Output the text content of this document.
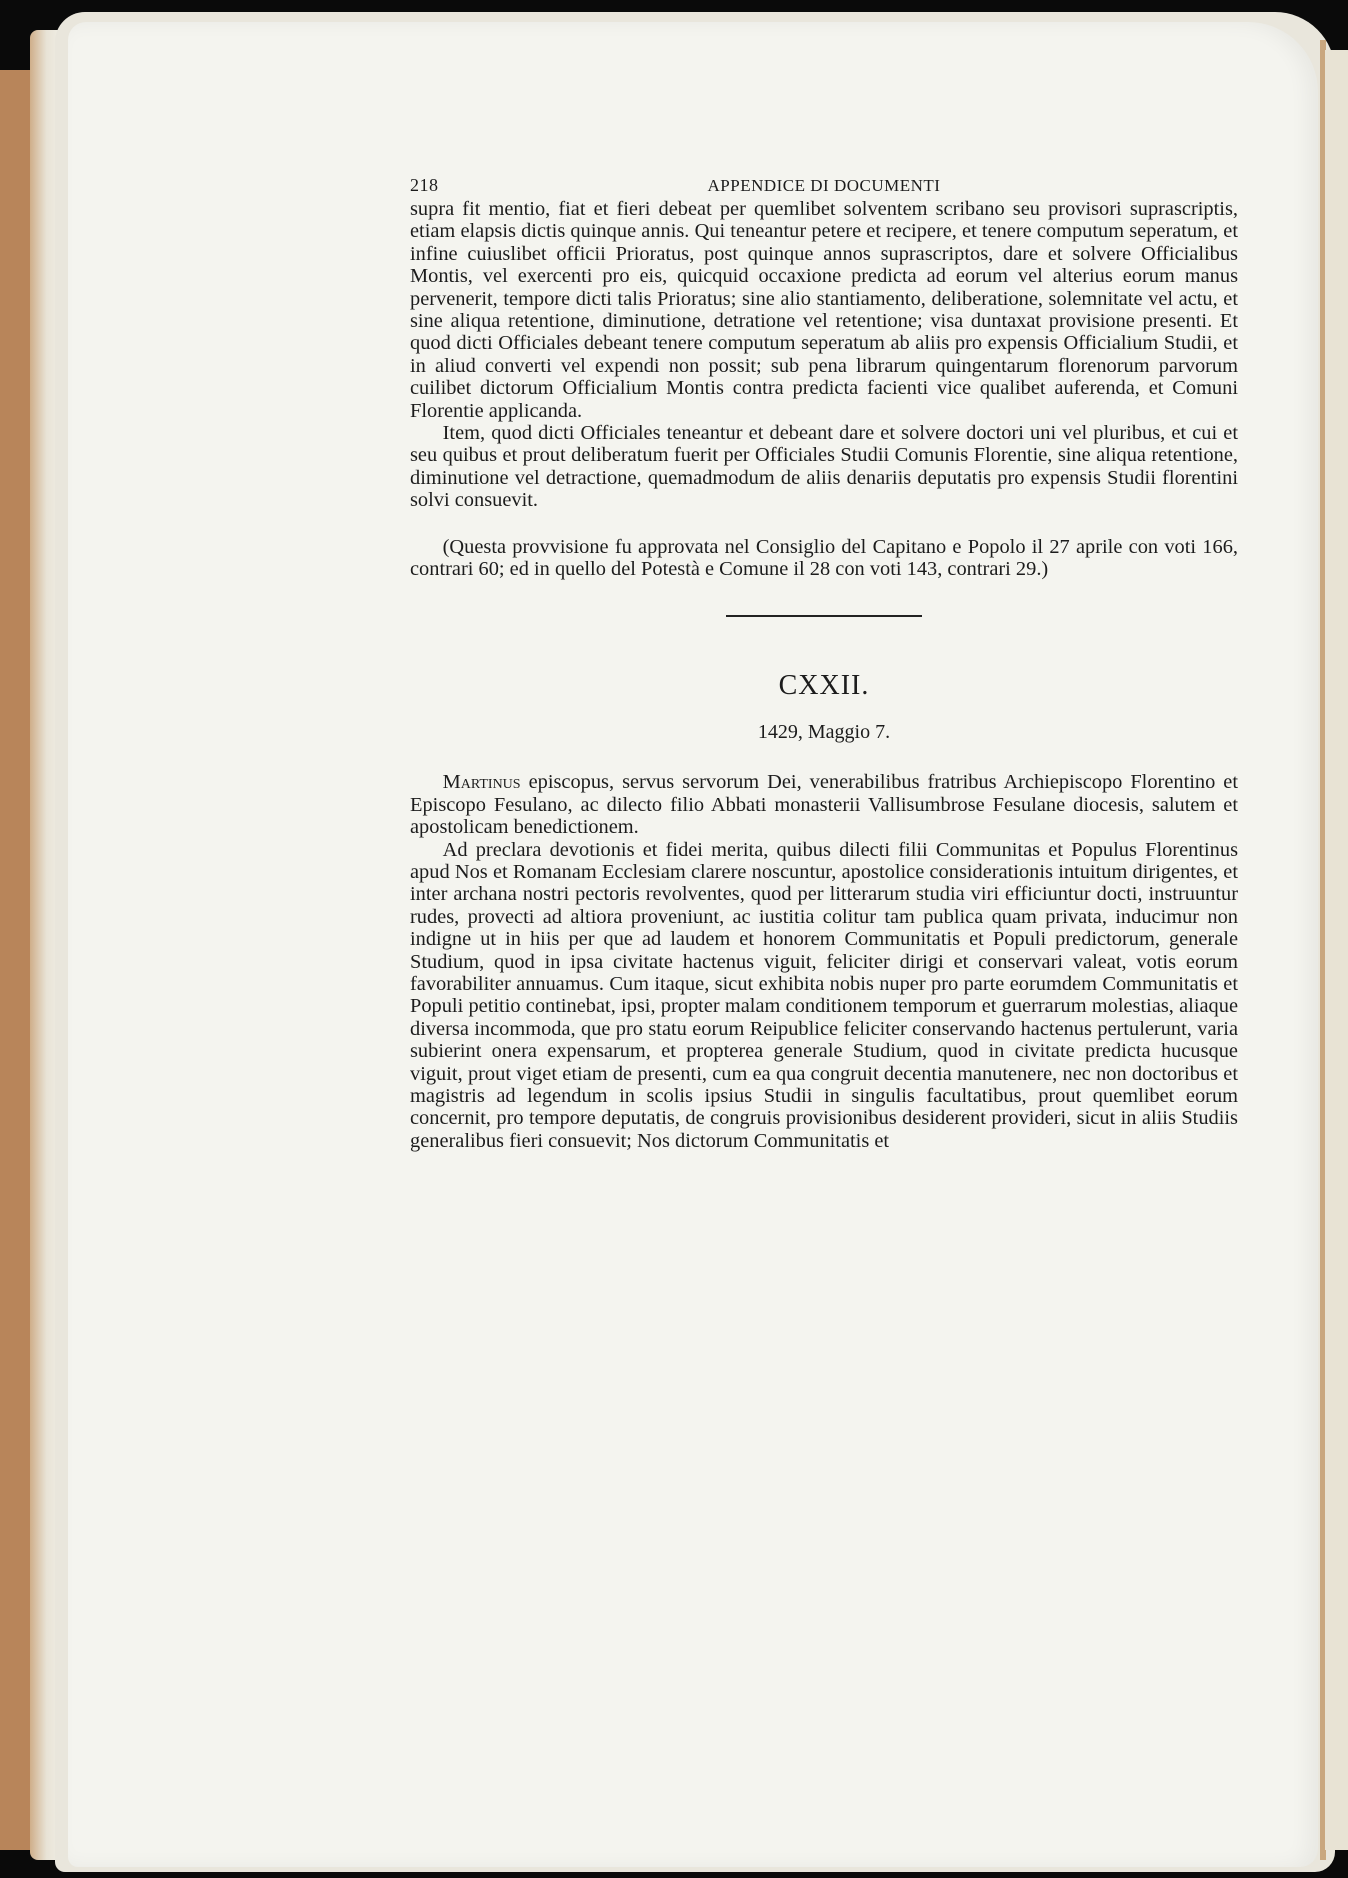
218	APPENDICE DI DOCUMENTI

supra fit mentio, fiat et fieri debeat per quemlibet solventem scribano seu provisori suprascriptis, etiam elapsis dictis quinque annis. Qui teneantur petere et recipere, et tenere computum seperatum, et infine cuiuslibet officii Prioratus, post quinque annos suprascriptos, dare et solvere Officialibus Montis, vel exercenti pro eis, quicquid occaxione predicta ad eorum vel alterius eorum manus pervenerit, tempore dicti talis Prioratus; sine alio stantiamento, deliberatione, solemnitate vel actu, et sine aliqua retentione, diminutione, detratione vel retentione; visa duntaxat provisione presenti. Et quod dicti Officiales debeant tenere computum seperatum ab aliis pro expensis Officialium Studii, et in aliud converti vel expendi non possit; sub pena librarum quingentarum florenorum parvorum cuilibet dictorum Officialium Montis contra predicta facienti vice qualibet auferenda, et Comuni Florentie applicanda.

Item, quod dicti Officiales teneantur et debeant dare et solvere doctori uni vel pluribus, et cui et seu quibus et prout deliberatum fuerit per Officiales Studii Comunis Florentie, sine aliqua retentione, diminutione vel detractione, quemadmodum de aliis denariis deputatis pro expensis Studii florentini solvi consuevit.

(Questa provvisione fu approvata nel Consiglio del Capitano e Popolo il 27 aprile con voti 166, contrari 60; ed in quello del Potestà e Comune il 28 con voti 143, contrari 29.)

CXXII.
1429, Maggio 7.

Martinus episcopus, servus servorum Dei, venerabilibus fratribus Archiepiscopo Florentino et Episcopo Fesulano, ac dilecto filio Abbati monasterii Vallisumbrose Fesulane diocesis, salutem et apostolicam benedictionem.

Ad preclara devotionis et fidei merita, quibus dilecti filii Communitas et Populus Florentinus apud Nos et Romanam Ecclesiam clarere noscuntur, apostolice considerationis intuitum dirigentes, et inter archana nostri pectoris revolventes, quod per litterarum studia viri efficiuntur docti, instruuntur rudes, provecti ad altiora proveniunt, ac iustitia colitur tam publica quam privata, inducimur non indigne ut in hiis per que ad laudem et honorem Communitatis et Populi predictorum, generale Studium, quod in ipsa civitate hactenus viguit, feliciter dirigi et conservari valeat, votis eorum favorabiliter annuamus. Cum itaque, sicut exhibita nobis nuper pro parte eorumdem Communitatis et Populi petitio continebat, ipsi, propter malam conditionem temporum et guerrarum molestias, aliaque diversa incommoda, que pro statu eorum Reipublice feliciter conservando hactenus pertulerunt, varia subierint onera expensarum, et propterea generale Studium, quod in civitate predicta hucusque viguit, prout viget etiam de presenti, cum ea qua congruit decentia manutenere, nec non doctoribus et magistris ad legendum in scolis ipsius Studii in singulis facultatibus, prout quemlibet eorum concernit, pro tempore deputatis, de congruis provisionibus desiderent provideri, sicut in aliis Studiis generalibus fieri consuevit; Nos dictorum Communitatis et
